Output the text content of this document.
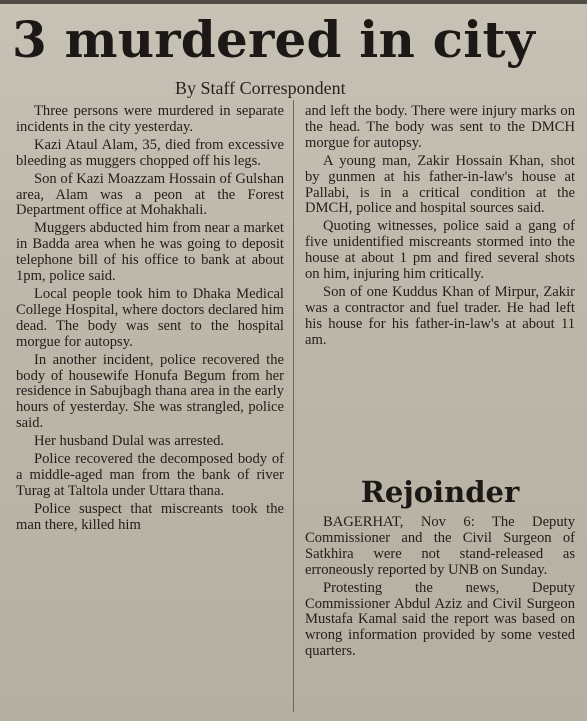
3 murdered in city
By Staff Correspondent

Three persons were murdered in separate incidents in the city yesterday.

Kazi Ataul Alam, 35, died from excessive bleeding as muggers chopped off his legs.

Son of Kazi Moazzam Hossain of Gulshan area, Alam was a peon at the Forest Department office at Mohakhali.

Muggers abducted him from near a market in Badda area when he was going to deposit telephone bill of his office to bank at about 1pm, police said.

Local people took him to Dhaka Medical College Hospital, where doctors declared him dead. The body was sent to the hospital morgue for autopsy.

In another incident, police recovered the body of housewife Honufa Begum from her residence in Sabujbagh thana area in the early hours of yesterday. She was strangled, police said.

Her husband Dulal was arrested.

Police recovered the decomposed body of a middle-aged man from the bank of river Turag at Taltola under Uttara thana.

Police suspect that miscreants took the man there, killed him

and left the body. There were injury marks on the head. The body was sent to the DMCH morgue for autopsy.

A young man, Zakir Hossain Khan, shot by gunmen at his father-in-law's house at Pallabi, is in a critical condition at the DMCH, police and hospital sources said.

Quoting witnesses, police said a gang of five unidentified miscreants stormed into the house at about 1 pm and fired several shots on him, injuring him critically.

Son of one Kuddus Khan of Mirpur, Zakir was a contractor and fuel trader. He had left his house for his father-in-law's at about 11 am.

Rejoinder

BAGERHAT, Nov 6: The Deputy Commissioner and the Civil Surgeon of Satkhira were not stand-released as erroneously reported by UNB on Sunday.

Protesting the news, Deputy Commissioner Abdul Aziz and Civil Surgeon Mustafa Kamal said the report was based on wrong information provided by some vested quarters.
